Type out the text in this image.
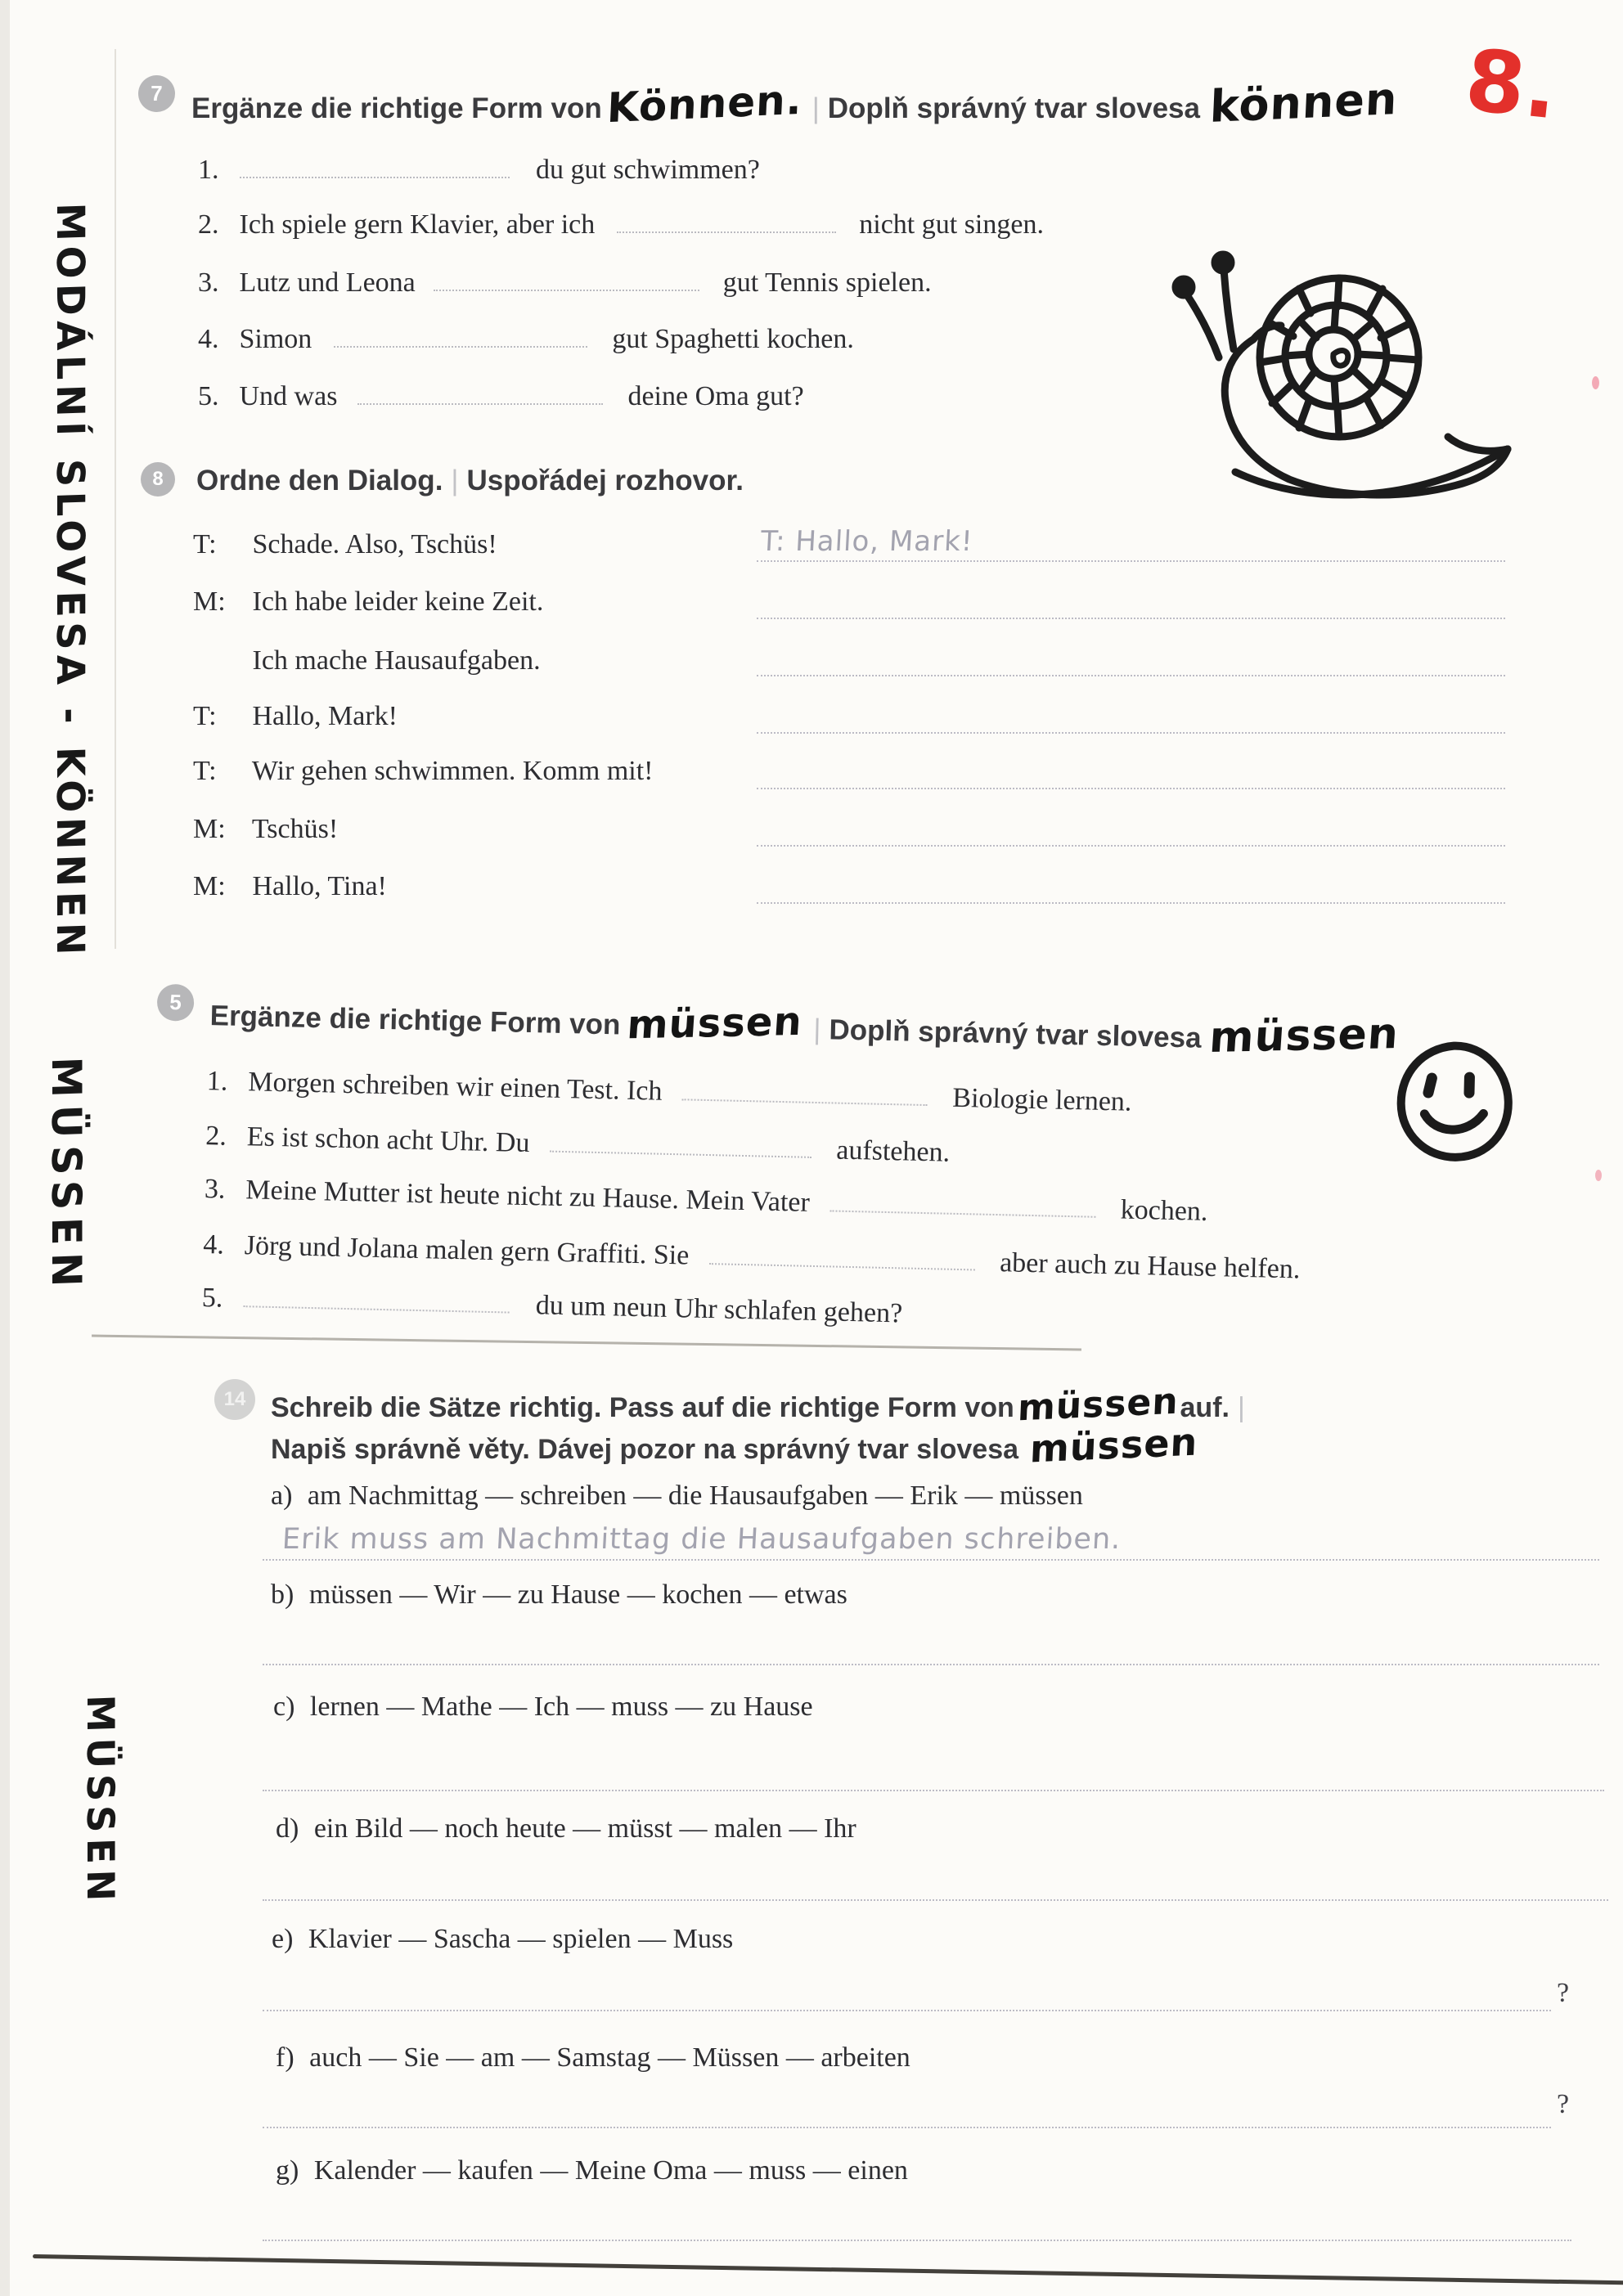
MODÁLNÍ SLOVESA - KÖNNEN
MÜSSEN
MÜSSEN
8.
7 Ergänze die richtige Form von Können. | Doplň správný tvar slovesa können
1.	du gut schwimmen?
2. Ich spiele gern Klavier, aber ich	nicht gut singen.
3. Lutz und Leona	gut Tennis spielen.
4. Simon	gut Spaghetti kochen.
5. Und was	deine Oma gut?
8 Ordne den Dialog. | Uspořádej rozhovor.
T: Schade. Also, Tschüs!	T: Hallo, Mark!
M: Ich habe leider keine Zeit.
Ich mache Hausaufgaben.
T: Hallo, Mark!
T: Wir gehen schwimmen. Komm mit!
M: Tschüs!
M: Hallo, Tina!
5 Ergänze die richtige Form von müssen | Doplň správný tvar slovesa müssen
1. Morgen schreiben wir einen Test. Ich	Biologie lernen.
2. Es ist schon acht Uhr. Du	aufstehen.
3. Meine Mutter ist heute nicht zu Hause. Mein Vater	kochen.
4. Jörg und Jolana malen gern Graffiti. Sie	aber auch zu Hause helfen.
5.	du um neun Uhr schlafen gehen?
14 Schreib die Sätze richtig. Pass auf die richtige Form von müssen auf. |
Napiš správně věty. Dávej pozor na správný tvar slovesa müssen
a) am Nachmittag — schreiben — die Hausaufgaben — Erik — müssen
Erik muss am Nachmittag die Hausaufgaben schreiben.
b) müssen — Wir — zu Hause — kochen — etwas
c) lernen — Mathe — Ich — muss — zu Hause
d) ein Bild — noch heute — müsst — malen — Ihr
e) Klavier — Sascha — spielen — Muss
?
f) auch — Sie — am — Samstag — Müssen — arbeiten
?
g) Kalender — kaufen — Meine Oma — muss — einen
